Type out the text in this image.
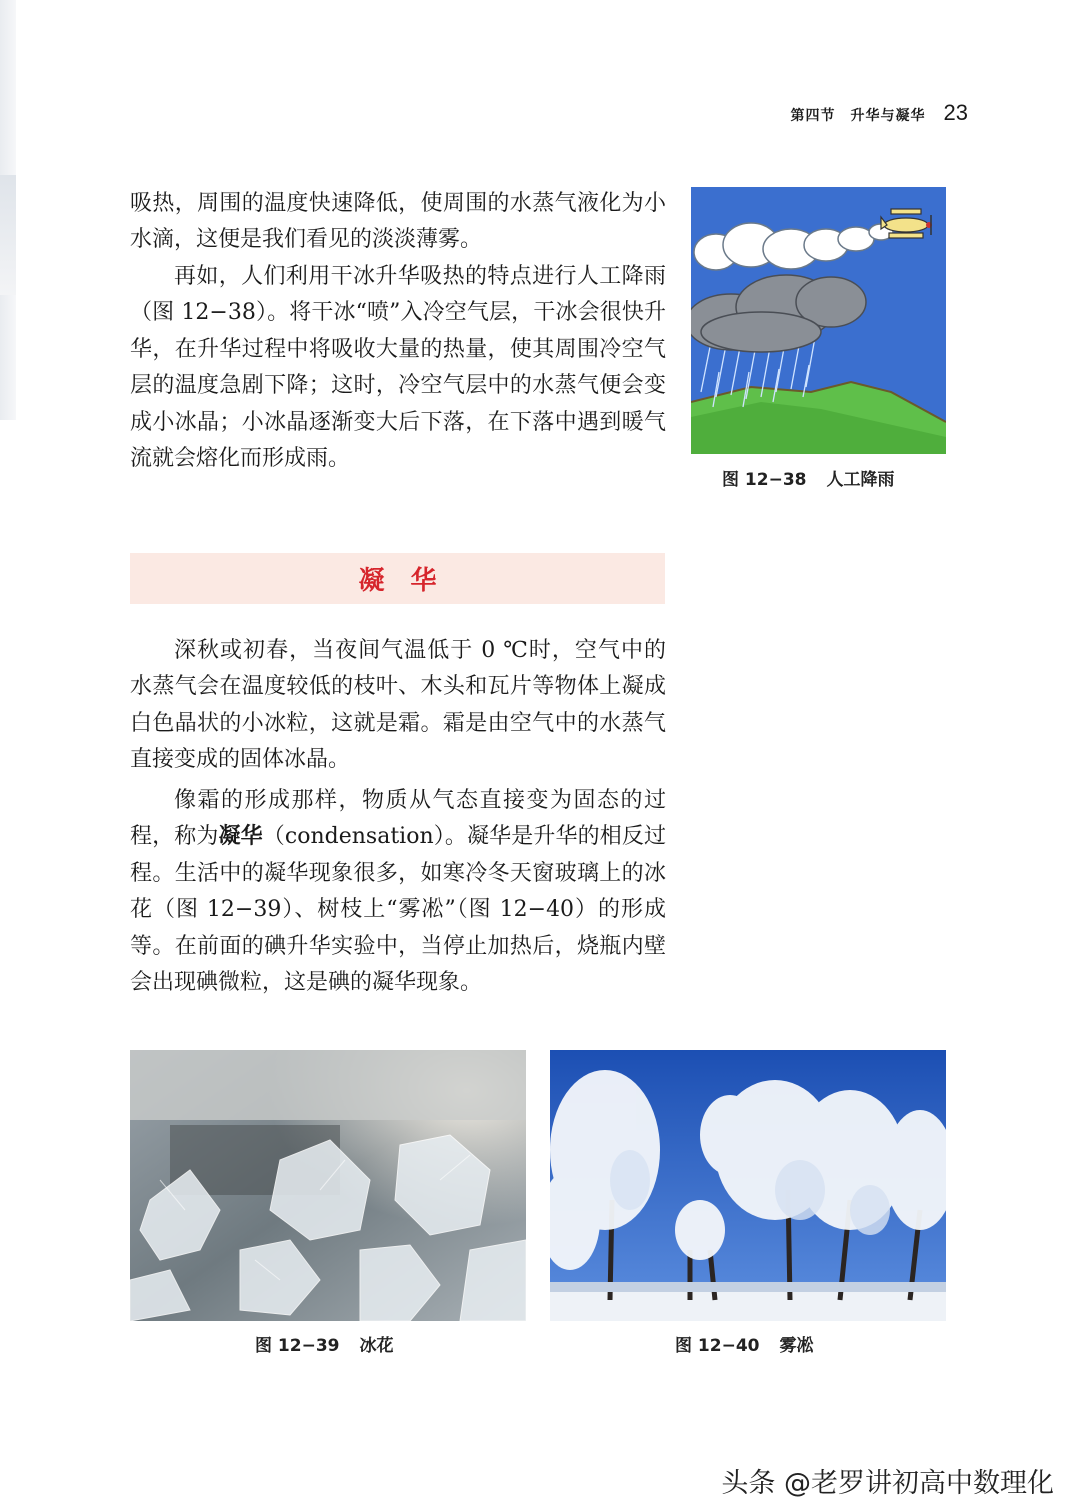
第四节　升华与凝华 23

吸热，周围的温度快速降低，使周围的水蒸气液化为小水滴，这便是我们看见的淡淡薄雾。

再如，人们利用干冰升华吸热的特点进行人工降雨（图 12−38）。将干冰“喷”入冷空气层，干冰会很快升华，在升华过程中将吸收大量的热量，使其周围冷空气层的温度急剧下降；这时，冷空气层中的水蒸气便会变成小冰晶；小冰晶逐渐变大后下落，在下落中遇到暖气流就会熔化而形成雨。

图 12−38 人工降雨
凝华

深秋或初春，当夜间气温低于 0 ℃时，空气中的水蒸气会在温度较低的枝叶、木头和瓦片等物体上凝成白色晶状的小冰粒，这就是霜。霜是由空气中的水蒸气直接变成的固体冰晶。

像霜的形成那样，物质从气态直接变为固态的过程，称为凝华（condensation）。凝华是升华的相反过程。生活中的凝华现象很多，如寒冷冬天窗玻璃上的冰花（图 12−39）、树枝上“雾凇”（图 12−40）的形成等。在前面的碘升华实验中，当停止加热后，烧瓶内壁会出现碘微粒，这是碘的凝华现象。

图 12−39 冰花	图 12−40 雾凇
头条 @老罗讲初高中数理化
